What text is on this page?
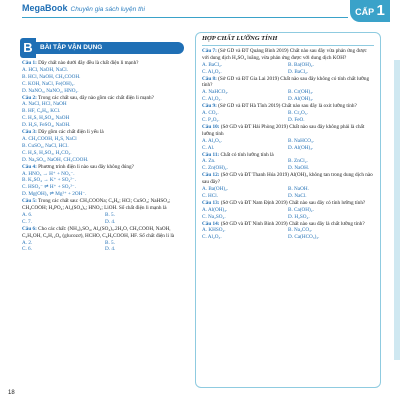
MegaBook Chuyên gia sách luyện thi	CẤP 1
B	BÀI TẬP VẬN DỤNG
Câu 1: Dãy chất nào dưới đây đều là chất điện li mạnh?
A. HCl, NaOH, NaCl.
B. HCl, NaOH, CH₃COOH.
C. KOH, NaCl, Fe(OH)₂.
D. NaNO₃, NaNO₂, HNO₂.
Câu 2: Trong các chất sau, dãy nào gồm các chất điện li mạnh?
A. NaCl, HCl, NaOH
B. HF, C₆H₆, KCl.
C. H₂S, H₂SO₄, NaOH
D. H₂S, FeSO₄, NaOH.
Câu 3: Dãy gồm các chất điện li yếu là
A. CH₃COOH, H₂S, NaCl
B. CuSO₄, NaCl, HCl.
C. H₂S, H₂SO₃, H₂CO₃.
D. Na₂SO₃, NaOH, CH₃COOH.
Câu 4: Phương trình điện li nào sau đây không đúng?
A. HNO₃ → H⁺ + NO₃⁻.
B. K₂SO₄ → K⁺ + SO₄²⁻.
C. HSO₃⁻ ⇌ H⁺ + SO₃²⁻.
D. Mg(OH)₂ ⇌ Mg²⁺ + 2OH⁻.
Câu 5: Trong các chất sau: CH₃COONa; C₆H₆; HCl; CuSO₄; NaHSO₄; CH₃COOH; H₃PO₄; Al₂(SO₄)₃; HNO₂; LiOH. Số chất điện li mạnh là
A. 6.	B. 5.
C. 7.	D. 4.
Câu 6: Cho các chất: (NH₄)₂SO₄, Al₂(SO₄)₃.2H₂O, CH₃COOH, NaOH, C₂H₅OH, C₆H₁₂O₆ (glucozơ), HCHO, C₆H₅COOH, HF. Số chất điện li là
A. 2.	B. 5.
C. 6.	D. 4.
HỢP CHẤT LƯỠNG TÍNH
Câu 7: (Sở GD và ĐT Quảng Bình 2019) Chất nào sau đây vừa phản ứng được với dung dịch H₂SO₄ loãng, vừa phản ứng được với dung dịch KOH?
A. BaCl₂.	B. Ba(OH)₂.
C. Al₂O₃.	D. BaCl₂.
Câu 8: (Sở GD và ĐT Gia Lai 2019) Chất nào sau đây không có tính chất lưỡng tính?
A. NaHCO₃.	B. Cr(OH)₃.
C. Al₂O₃.	D. Al(OH)₃.
Câu 9: (Sở GD và ĐT Hà Tĩnh 2019) Chất nào sau đây là oxit lưỡng tính?
A. CO₂.	B. Cr₂O₃.
C. P₂O₅.	D. FeO.
Câu 10: (Sở GD và ĐT Hải Phòng 2019) Chất nào sau đây không phải là chất lưỡng tính
A. Al₂O₃.	B. NaHCO₃.
C. Al.	D. Al(OH)₃.
Câu 11: Chất có tính lưỡng tính là
A. Zn.	B. ZnCl₂.
C. Zn(OH)₂.	D. NaOH.
Câu 12: (Sở GD và ĐT Thanh Hóa 2019) Al(OH)₃ không tan trong dung dịch nào sau đây?
A. Ba(OH)₂.	B. NaOH.
C. HCl.	D. NaCl.
Câu 13: (Sở GD và ĐT Nam Định 2019) Chất nào sau đây có tính lưỡng tính?
A. Al(OH)₃.	B. Ca(OH)₂.
C. Na₂SO₄.	D. H₂SO₄.
Câu 14: (Sở GD và ĐT Ninh Bình 2019) Chất nào sau đây là chất lưỡng tính?
A. KHSO₄.	B. Na₂CO₃.
C. Al₂O₃.	D. Ca(HCO₃)₂.
18
